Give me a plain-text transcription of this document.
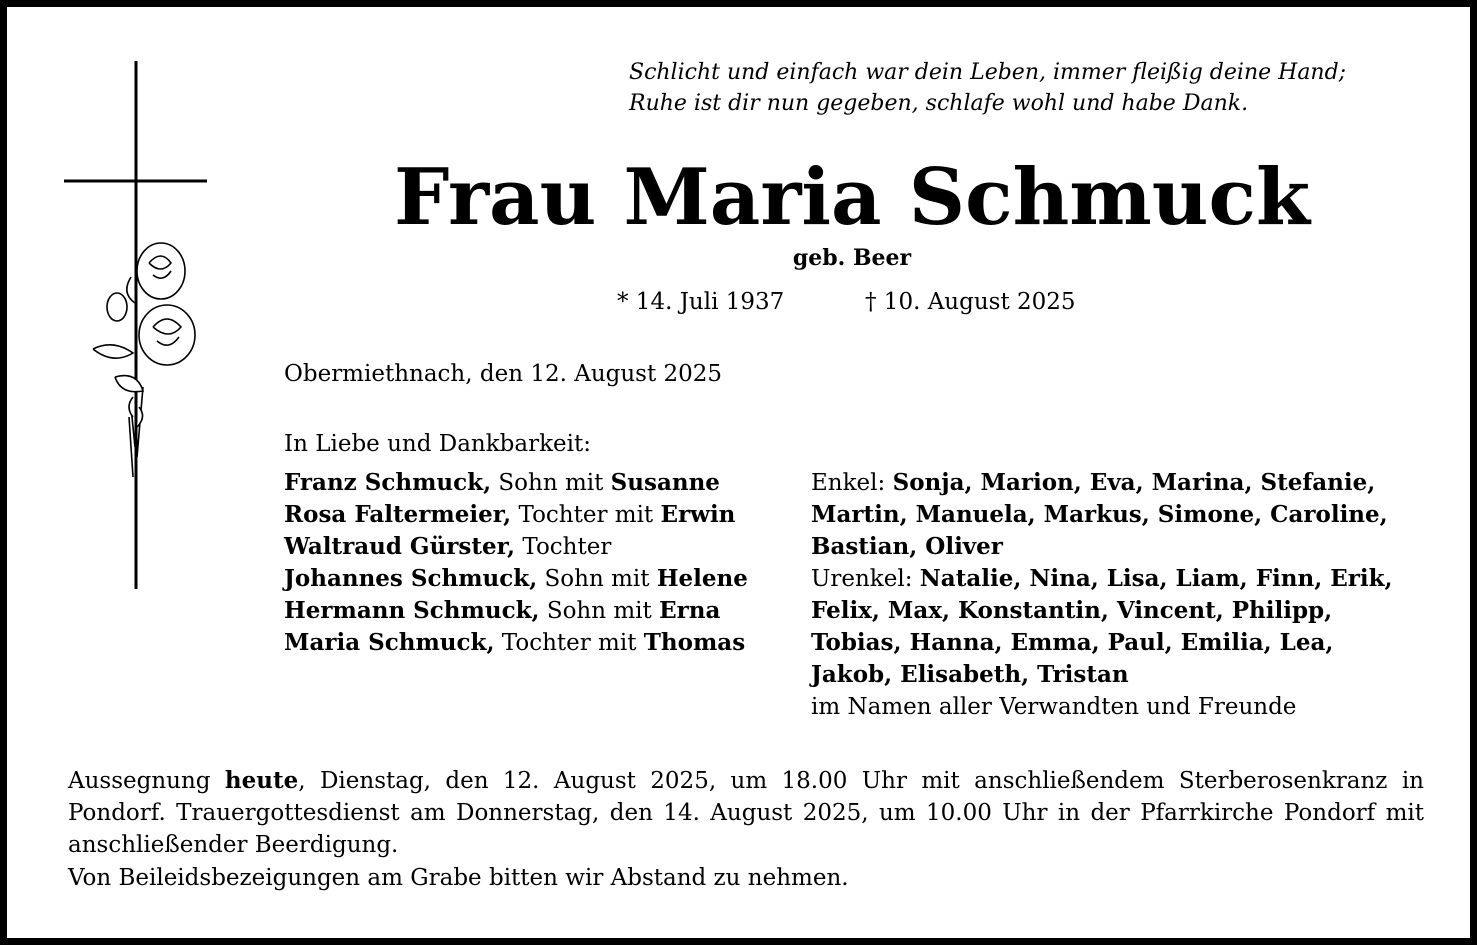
Schlicht und einfach war dein Leben, immer fleißig deine Hand;
Ruhe ist dir nun gegeben, schlafe wohl und habe Dank.
Frau Maria Schmuck
geb. Beer
* 14. Juli 1937	† 10. August 2025
Obermiethnach, den 12. August 2025
In Liebe und Dankbarkeit:
Franz Schmuck, Sohn mit Susanne
Rosa Faltermeier, Tochter mit Erwin
Waltraud Gürster, Tochter
Johannes Schmuck, Sohn mit Helene
Hermann Schmuck, Sohn mit Erna
Maria Schmuck, Tochter mit Thomas
Enkel: Sonja, Marion, Eva, Marina, Stefanie,
Martin, Manuela, Markus, Simone, Caroline,
Bastian, Oliver
Urenkel: Natalie, Nina, Lisa, Liam, Finn, Erik,
Felix, Max, Konstantin, Vincent, Philipp,
Tobias, Hanna, Emma, Paul, Emilia, Lea,
Jakob, Elisabeth, Tristan
im Namen aller Verwandten und Freunde
Aussegnung heute, Dienstag, den 12. August 2025, um 18.00 Uhr mit anschließendem Sterberosenkranz in Pondorf. Trauergottesdienst am Donnerstag, den 14. August 2025, um 10.00 Uhr in der Pfarrkirche Pondorf mit anschließender Beerdigung.
Von Beileidsbezeigungen am Grabe bitten wir Abstand zu nehmen.
